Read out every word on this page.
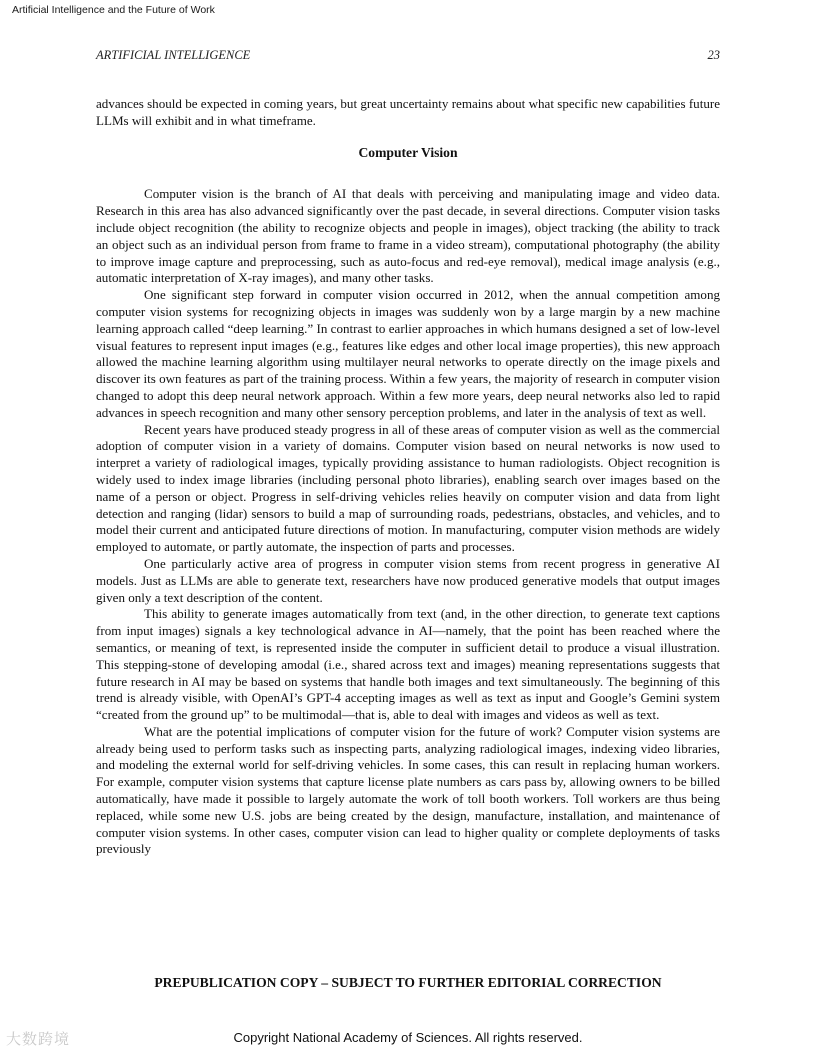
Artificial Intelligence and the Future of Work
ARTIFICIAL INTELLIGENCE	23

advances should be expected in coming years, but great uncertainty remains about what specific new capabilities future LLMs will exhibit and in what timeframe.

Computer Vision

Computer vision is the branch of AI that deals with perceiving and manipulating image and video data. Research in this area has also advanced significantly over the past decade, in several directions. Computer vision tasks include object recognition (the ability to recognize objects and people in images), object tracking (the ability to track an object such as an individual person from frame to frame in a video stream), computational photography (the ability to improve image capture and preprocessing, such as auto-focus and red-eye removal), medical image analysis (e.g., automatic interpretation of X-ray images), and many other tasks.

One significant step forward in computer vision occurred in 2012, when the annual competition among computer vision systems for recognizing objects in images was suddenly won by a large margin by a new machine learning approach called “deep learning.” In contrast to earlier approaches in which humans designed a set of low-level visual features to represent input images (e.g., features like edges and other local image properties), this new approach allowed the machine learning algorithm using multilayer neural networks to operate directly on the image pixels and discover its own features as part of the training process. Within a few years, the majority of research in computer vision changed to adopt this deep neural network approach. Within a few more years, deep neural networks also led to rapid advances in speech recognition and many other sensory perception problems, and later in the analysis of text as well.

Recent years have produced steady progress in all of these areas of computer vision as well as the commercial adoption of computer vision in a variety of domains. Computer vision based on neural networks is now used to interpret a variety of radiological images, typically providing assistance to human radiologists. Object recognition is widely used to index image libraries (including personal photo libraries), enabling search over images based on the name of a person or object. Progress in self-driving vehicles relies heavily on computer vision and data from light detection and ranging (lidar) sensors to build a map of surrounding roads, pedestrians, obstacles, and vehicles, and to model their current and anticipated future directions of motion. In manufacturing, computer vision methods are widely employed to automate, or partly automate, the inspection of parts and processes.

One particularly active area of progress in computer vision stems from recent progress in generative AI models. Just as LLMs are able to generate text, researchers have now produced generative models that output images given only a text description of the content.

This ability to generate images automatically from text (and, in the other direction, to generate text captions from input images) signals a key technological advance in AI—namely, that the point has been reached where the semantics, or meaning of text, is represented inside the computer in sufficient detail to produce a visual illustration. This stepping-stone of developing amodal (i.e., shared across text and images) meaning representations suggests that future research in AI may be based on systems that handle both images and text simultaneously. The beginning of this trend is already visible, with OpenAI’s GPT-4 accepting images as well as text as input and Google’s Gemini system “created from the ground up” to be multimodal—that is, able to deal with images and videos as well as text.

What are the potential implications of computer vision for the future of work? Computer vision systems are already being used to perform tasks such as inspecting parts, analyzing radiological images, indexing video libraries, and modeling the external world for self-driving vehicles. In some cases, this can result in replacing human workers. For example, computer vision systems that capture license plate numbers as cars pass by, allowing owners to be billed automatically, have made it possible to largely automate the work of toll booth workers. Toll workers are thus being replaced, while some new U.S. jobs are being created by the design, manufacture, installation, and maintenance of computer vision systems. In other cases, computer vision can lead to higher quality or complete deployments of tasks previously

PREPUBLICATION COPY – SUBJECT TO FURTHER EDITORIAL CORRECTION
大数跨境	Copyright National Academy of Sciences. All rights reserved.
